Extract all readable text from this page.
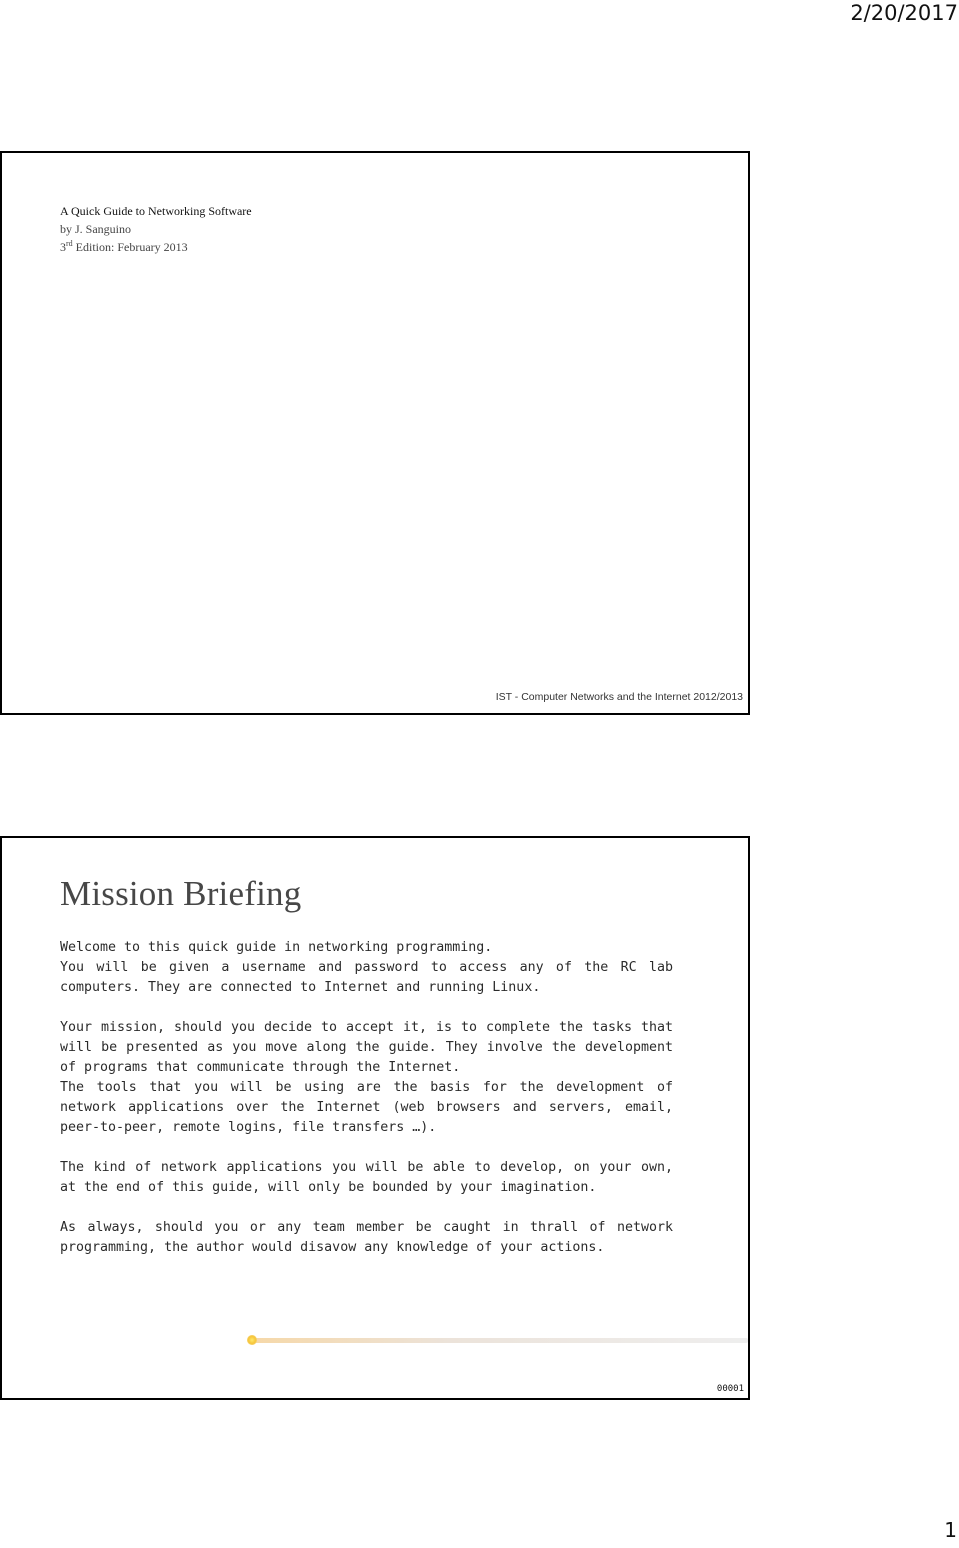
2/20/2017
A Quick Guide to Networking Software
by J. Sanguino
3rd Edition: February 2013
IST - Computer Networks and the Internet 2012/2013
Mission Briefing

Welcome to this quick guide in networking programming.

You will be given a username and password to access any of the RC lab computers. They are connected to Internet and running Linux.

Your mission, should you decide to accept it, is to complete the tasks that will be presented as you move along the guide. They involve the development of programs that communicate through the Internet.

The tools that you will be using are the basis for the development of network applications over the Internet (web browsers and servers, email, peer-to-peer, remote logins, file transfers …).

The kind of network applications you will be able to develop, on your own, at the end of this guide, will only be bounded by your imagination.

As always, should you or any team member be caught in thrall of network programming, the author would disavow any knowledge of your actions.

00001
1
